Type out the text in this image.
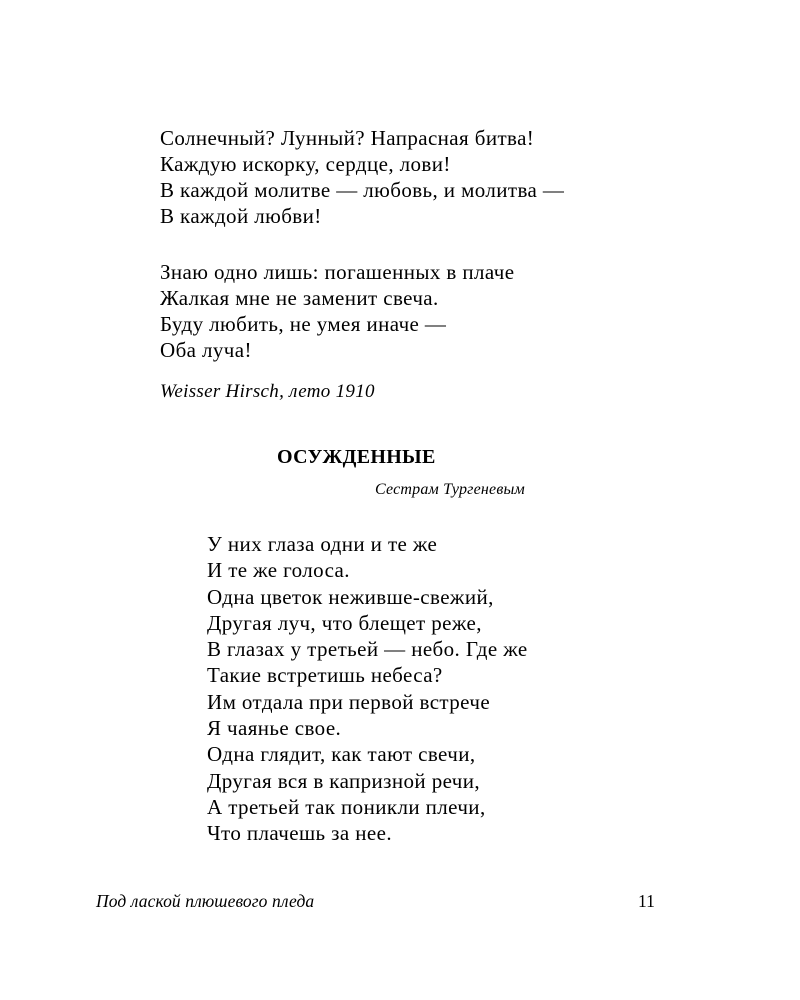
Солнечный? Лунный? Напрасная битва!
Каждую искорку, сердце, лови!
В каждой молитве — любовь, и молитва —
В каждой любви!
Знаю одно лишь: погашенных в плаче
Жалкая мне не заменит свеча.
Буду любить, не умея иначе —
Оба луча!
Weisser Hirsch, лето 1910
ОСУЖДЕННЫЕ
Сестрам Тургеневым
У них глаза одни и те же
И те же голоса.
Одна цветок неживше-свежий,
Другая луч, что блещет реже,
В глазах у третьей — небо. Где же
Такие встретишь небеса?
Им отдала при первой встрече
Я чаянье свое.
Одна глядит, как тают свечи,
Другая вся в капризной речи,
А третьей так поникли плечи,
Что плачешь за нее.
Под лаской плюшевого пледа	11
